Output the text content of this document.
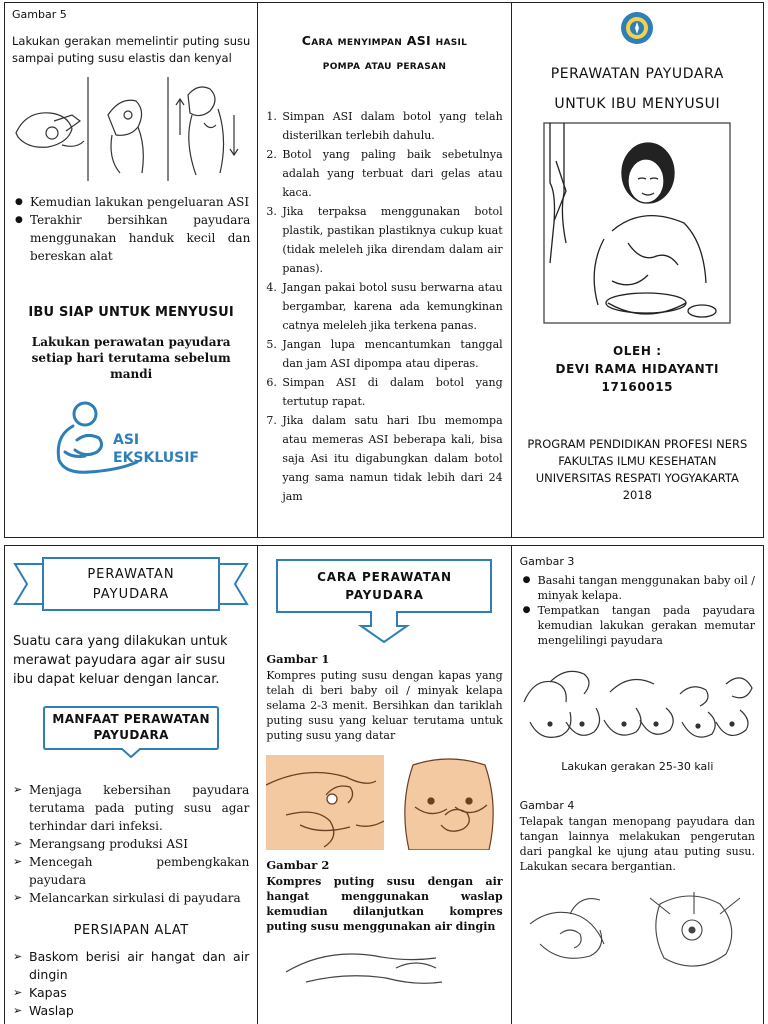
Gambar 5

Lakukan gerakan memelintir puting susu sampai puting susu elastis dan kenyal

● Kemudian lakukan pengeluaran ASI
● Terakhir bersihkan payudara menggunakan handuk kecil dan bereskan alat
IBU SIAP UNTUK MENYUSUI

Lakukan perawatan payudara setiap hari terutama sebelum mandi

ASI
EKSKLUSIF
Cara menyimpan ASI hasil
pompa atau perasan
1. Simpan ASI dalam botol yang telah disterilkan terlebih dahulu.
2. Botol yang paling baik sebetulnya adalah yang terbuat dari gelas atau kaca.
3. Jika terpaksa menggunakan botol plastik, pastikan plastiknya cukup kuat (tidak meleleh jika direndam dalam air panas).
4. Jangan pakai botol susu berwarna atau bergambar, karena ada kemungkinan catnya meleleh jika terkena panas.
5. Jangan lupa mencantumkan tanggal dan jam ASI dipompa atau diperas.
6. Simpan ASI di dalam botol yang tertutup rapat.
7. Jika dalam satu hari Ibu memompa atau memeras ASI beberapa kali, bisa saja Asi itu digabungkan dalam botol yang sama namun tidak lebih dari 24 jam
PERAWATAN PAYUDARA
UNTUK IBU MENYUSUI
OLEH :
DEVI RAMA HIDAYANTI
17160015
PROGRAM PENDIDIKAN PROFESI NERS
FAKULTAS ILMU KESEHATAN
UNIVERSITAS RESPATI YOGYAKARTA
2018
PERAWATAN
PAYUDARA

Suatu cara yang dilakukan untuk merawat payudara agar air susu ibu dapat keluar dengan lancar.

MANFAAT PERAWATAN
PAYUDARA
➢ Menjaga kebersihan payudara terutama pada puting susu agar terhindar dari infeksi.
➢ Merangsang produksi ASI
➢ Mencegah pembengkakan payudara
➢ Melancarkan sirkulasi di payudara
PERSIAPAN ALAT
➢ Baskom berisi air hangat dan air dingin
➢ Kapas
➢ Waslap
CARA PERAWATAN
PAYUDARA
Gambar 1

Kompres puting susu dengan kapas yang telah di beri baby oil / minyak kelapa selama 2-3 menit. Bersihkan dan tariklah puting susu yang keluar terutama untuk puting susu yang datar

Gambar 2

Kompres puting susu dengan air hangat menggunakan waslap kemudian dilanjutkan kompres puting susu menggunakan air dingin

Gambar 3
● Basahi tangan menggunakan baby oil / minyak kelapa.
● Tempatkan tangan pada payudara kemudian lakukan gerakan memutar mengelilingi payudara
Lakukan gerakan 25-30 kali
Gambar 4

Telapak tangan menopang payudara dan tangan lainnya melakukan pengerutan dari pangkal ke ujung atau puting susu. Lakukan secara bergantian.
